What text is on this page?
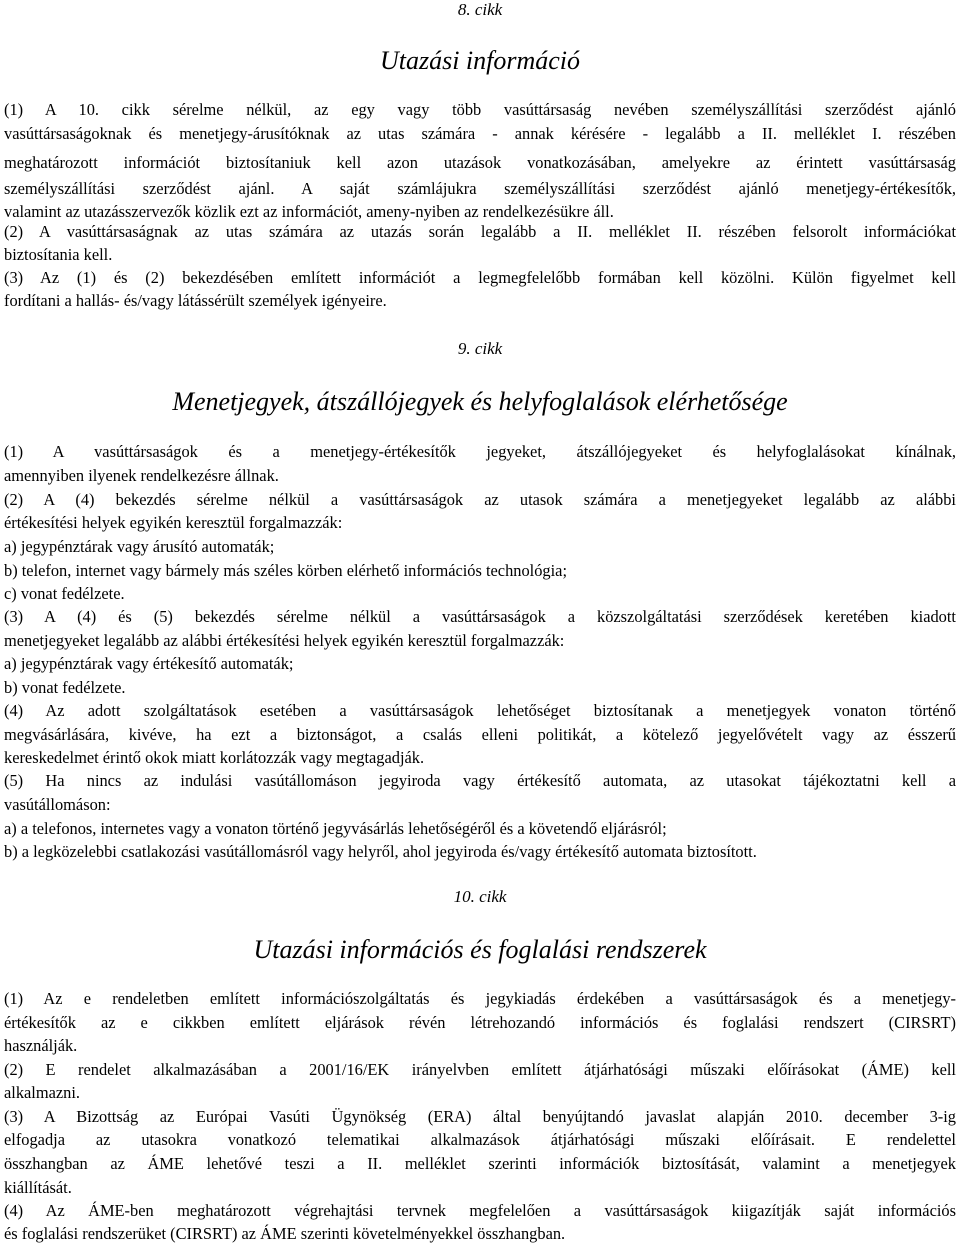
8. cikk
Utazási információ
(1) A 10. cikk sérelme nélkül, az egy vagy több vasúttársaság nevében személyszállítási szerződést ajánló
vasúttársaságoknak és menetjegy-árusítóknak az utas számára - annak kérésére - legalább a II. melléklet I. részében
meghatározott információt biztosítaniuk kell azon utazások vonatkozásában, amelyekre az érintett vasúttársaság
személyszállítási szerződést ajánl. A saját számlájukra személyszállítási szerződést ajánló menetjegy-értékesítők,
valamint az utazásszervezők közlik ezt az információt, ameny-nyiben az rendelkezésükre áll.
(2) A vasúttársaságnak az utas számára az utazás során legalább a II. melléklet II. részében felsorolt információkat
biztosítania kell.
(3) Az (1) és (2) bekezdésében említett információt a legmegfelelőbb formában kell közölni. Külön figyelmet kell
fordítani a hallás- és/vagy látássérült személyek igényeire.
9. cikk
Menetjegyek, átszállójegyek és helyfoglalások elérhetősége
(1) A vasúttársaságok és a menetjegy-értékesítők jegyeket, átszállójegyeket és helyfoglalásokat kínálnak,
amennyiben ilyenek rendelkezésre állnak.
(2) A (4) bekezdés sérelme nélkül a vasúttársaságok az utasok számára a menetjegyeket legalább az alábbi
értékesítési helyek egyikén keresztül forgalmazzák:
a) jegypénztárak vagy árusító automaták;
b) telefon, internet vagy bármely más széles körben elérhető információs technológia;
c) vonat fedélzete.
(3) A (4) és (5) bekezdés sérelme nélkül a vasúttársaságok a közszolgáltatási szerződések keretében kiadott
menetjegyeket legalább az alábbi értékesítési helyek egyikén keresztül forgalmazzák:
a) jegypénztárak vagy értékesítő automaták;
b) vonat fedélzete.
(4) Az adott szolgáltatások esetében a vasúttársaságok lehetőséget biztosítanak a menetjegyek vonaton történő
megvásárlására, kivéve, ha ezt a biztonságot, a csalás elleni politikát, a kötelező jegyelővételt vagy az ésszerű
kereskedelmet érintő okok miatt korlátozzák vagy megtagadják.
(5) Ha nincs az indulási vasútállomáson jegyiroda vagy értékesítő automata, az utasokat tájékoztatni kell a
vasútállomáson:
a) a telefonos, internetes vagy a vonaton történő jegyvásárlás lehetőségéről és a követendő eljárásról;
b) a legközelebbi csatlakozási vasútállomásról vagy helyről, ahol jegyiroda és/vagy értékesítő automata biztosított.
10. cikk
Utazási információs és foglalási rendszerek
(1) Az e rendeletben említett információszolgáltatás és jegykiadás érdekében a vasúttársaságok és a menetjegy-
értékesítők az e cikkben említett eljárások révén létrehozandó információs és foglalási rendszert (CIRSRT)
használják.
(2) E rendelet alkalmazásában a 2001/16/EK irányelvben említett átjárhatósági műszaki előírásokat (ÁME) kell
alkalmazni.
(3) A Bizottság az Európai Vasúti Ügynökség (ERA) által benyújtandó javaslat alapján 2010. december 3-ig
elfogadja az utasokra vonatkozó telematikai alkalmazások átjárhatósági műszaki előírásait. E rendelettel
összhangban az ÁME lehetővé teszi a II. melléklet szerinti információk biztosítását, valamint a menetjegyek
kiállítását.
(4) Az ÁME-ben meghatározott végrehajtási tervnek megfelelően a vasúttársaságok kiigazítják saját információs
és foglalási rendszerüket (CIRSRT) az ÁME szerinti követelményekkel összhangban.
